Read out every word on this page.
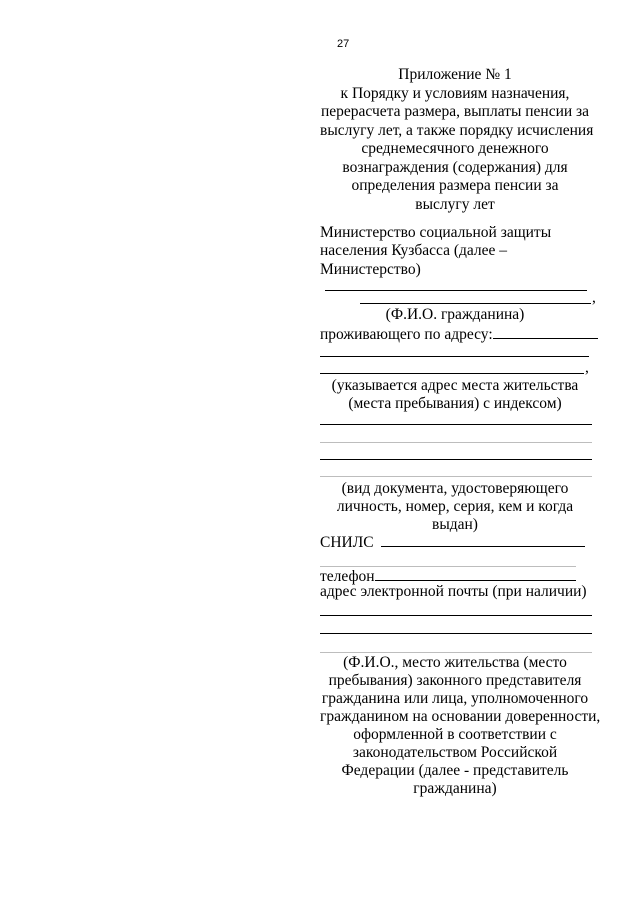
27
Приложение № 1
к Порядку и условиям назначения,
перерасчета размера, выплаты пенсии за
выслугу лет, а также порядку исчисления
среднемесячного денежного
вознаграждения (содержания) для
определения размера пенсии за
выслугу лет
Министерство социальной защиты
населения Кузбасса (далее –
Министерство)
,
(Ф.И.О. гражданина)
проживающего по адресу:
,
(указывается адрес места жительства
(места пребывания) с индексом)
(вид документа, удостоверяющего
личность, номер, серия, кем и когда
выдан)
СНИЛС
телефон
адрес электронной почты (при наличии)
(Ф.И.О., место жительства (место
пребывания) законного представителя
гражданина или лица, уполномоченного
гражданином на основании доверенности,
оформленной в соответствии с
законодательством Российской
Федерации (далее - представитель
гражданина)
